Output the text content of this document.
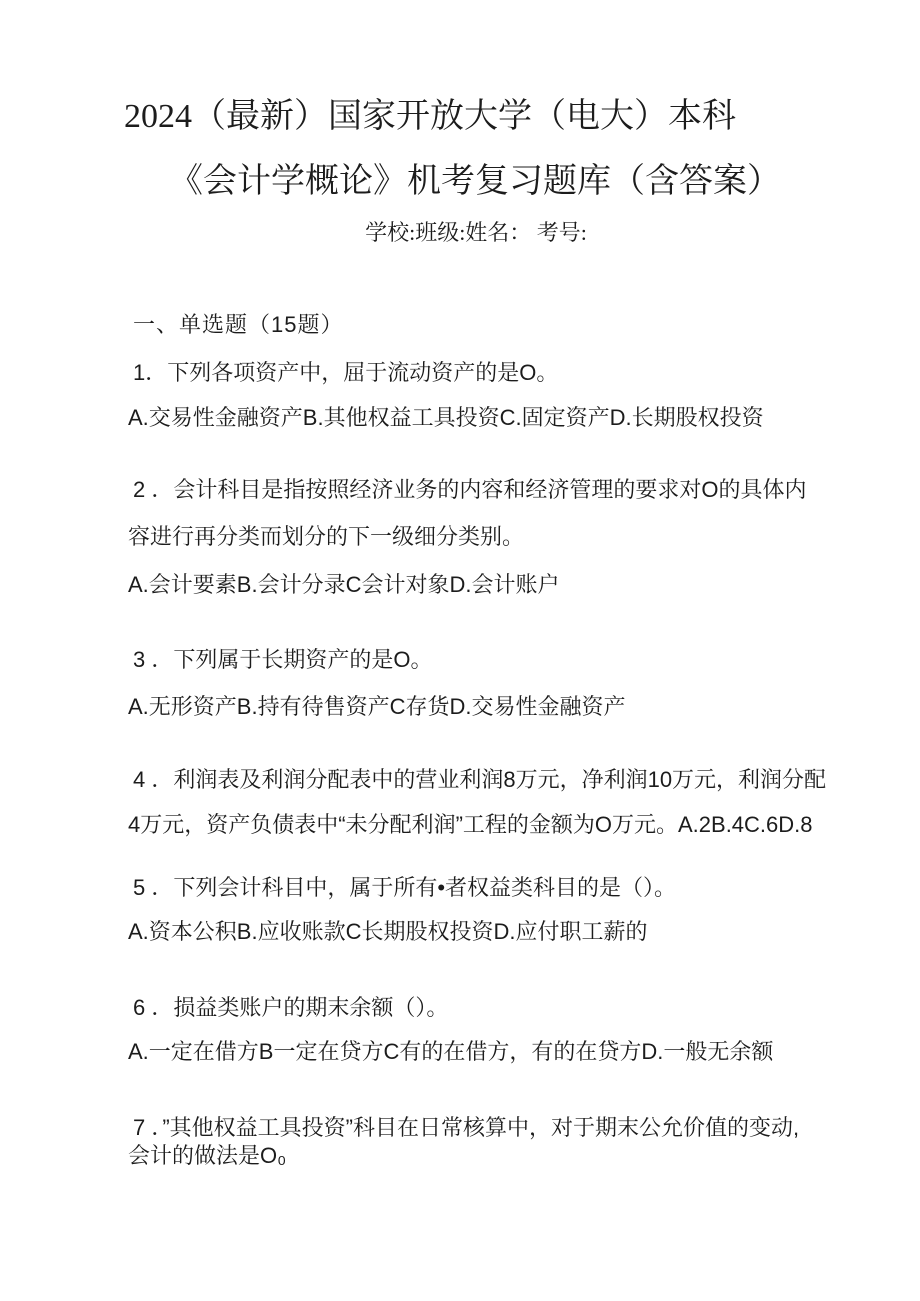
2024（最新）国家开放大学（电大）本科
《会计学概论》机考复习题库（含答案）
学校:班级:姓名： 考号:
一、单选题（15题）
1．下列各项资产中，屈于流动资产的是O。
A.交易性金融资产B.其他权益工具投资C.固定资产D.长期股权投资
2 ．会计科目是指按照经济业务的内容和经济管理的要求对O的具体内
容进行再分类而划分的下一级细分类别。
A.会计要素B.会计分录C会计对象D.会计账户
3 ．下列属于长期资产的是O。
A.无形资产B.持有待售资产C存货D.交易性金融资产
4 ．利润表及利润分配表中的营业利润8万元，净利润10万元，利润分配
4万元，资产负债表中“未分配利润”工程的金额为O万元。A.2B.4C.6D.8
5 ．下列会计科目中，属于所有•者权益类科目的是（）。
A.资本公积B.应收账款C长期股权投资D.应付职工薪的
6 ．损益类账户的期末余额（）。
A.一定在借方B一定在贷方C有的在借方，有的在贷方D.一般无余额
7 ．”其他权益工具投资”科目在日常核算中，对于期末公允价值的变动,
会计的做法是O₀
